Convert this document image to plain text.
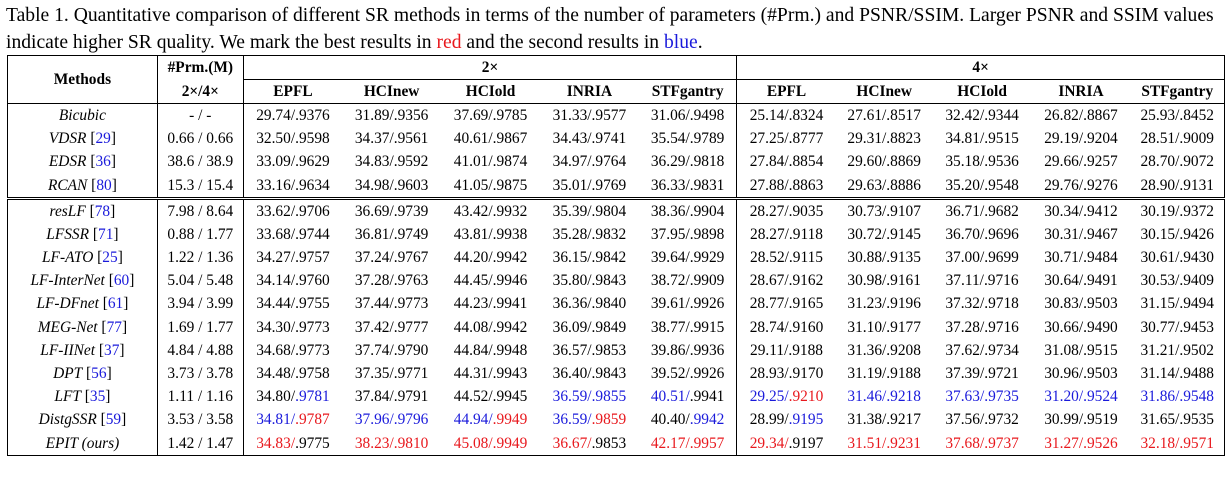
Table 1. Quantitative comparison of different SR methods in terms of the number of parameters (#Prm.) and PSNR/SSIM. Larger PSNR and SSIM values indicate higher SR quality. We mark the best results in red and the second results in blue.
Methods	#Prm.(M)	2×					4×				
	2×/4×	EPFL	HCInew	HCIold	INRIA	STFgantry	EPFL	HCInew	HCIold	INRIA	STFgantry
Bicubic	- / -	29.74/.9376	31.89/.9356	37.69/.9785	31.33/.9577	31.06/.9498	25.14/.8324	27.61/.8517	32.42/.9344	26.82/.8867	25.93/.8452
VDSR [29]	0.66 / 0.66	32.50/.9598	34.37/.9561	40.61/.9867	34.43/.9741	35.54/.9789	27.25/.8777	29.31/.8823	34.81/.9515	29.19/.9204	28.51/.9009
EDSR [36]	38.6 / 38.9	33.09/.9629	34.83/.9592	41.01/.9874	34.97/.9764	36.29/.9818	27.84/.8854	29.60/.8869	35.18/.9536	29.66/.9257	28.70/.9072
RCAN [80]	15.3 / 15.4	33.16/.9634	34.98/.9603	41.05/.9875	35.01/.9769	36.33/.9831	27.88/.8863	29.63/.8886	35.20/.9548	29.76/.9276	28.90/.9131
resLF [78]	7.98 / 8.64	33.62/.9706	36.69/.9739	43.42/.9932	35.39/.9804	38.36/.9904	28.27/.9035	30.73/.9107	36.71/.9682	30.34/.9412	30.19/.9372
LFSSR [71]	0.88 / 1.77	33.68/.9744	36.81/.9749	43.81/.9938	35.28/.9832	37.95/.9898	28.27/.9118	30.72/.9145	36.70/.9696	30.31/.9467	30.15/.9426
LF-ATO [25]	1.22 / 1.36	34.27/.9757	37.24/.9767	44.20/.9942	36.15/.9842	39.64/.9929	28.52/.9115	30.88/.9135	37.00/.9699	30.71/.9484	30.61/.9430
LF-InterNet [60]	5.04 / 5.48	34.14/.9760	37.28/.9763	44.45/.9946	35.80/.9843	38.72/.9909	28.67/.9162	30.98/.9161	37.11/.9716	30.64/.9491	30.53/.9409
LF-DFnet [61]	3.94 / 3.99	34.44/.9755	37.44/.9773	44.23/.9941	36.36/.9840	39.61/.9926	28.77/.9165	31.23/.9196	37.32/.9718	30.83/.9503	31.15/.9494
MEG-Net [77]	1.69 / 1.77	34.30/.9773	37.42/.9777	44.08/.9942	36.09/.9849	38.77/.9915	28.74/.9160	31.10/.9177	37.28/.9716	30.66/.9490	30.77/.9453
LF-IINet [37]	4.84 / 4.88	34.68/.9773	37.74/.9790	44.84/.9948	36.57/.9853	39.86/.9936	29.11/.9188	31.36/.9208	37.62/.9734	31.08/.9515	31.21/.9502
DPT [56]	3.73 / 3.78	34.48/.9758	37.35/.9771	44.31/.9943	36.40/.9843	39.52/.9926	28.93/.9170	31.19/.9188	37.39/.9721	30.96/.9503	31.14/.9488
LFT [35]	1.11 / 1.16	34.80/.9781	37.84/.9791	44.52/.9945	36.59/.9855	40.51/.9941	29.25/.9210	31.46/.9218	37.63/.9735	31.20/.9524	31.86/.9548
DistgSSR [59]	3.53 / 3.58	34.81/.9787	37.96/.9796	44.94/.9949	36.59/.9859	40.40/.9942	28.99/.9195	31.38/.9217	37.56/.9732	30.99/.9519	31.65/.9535
EPIT (ours)	1.42 / 1.47	34.83/.9775	38.23/.9810	45.08/.9949	36.67/.9853	42.17/.9957	29.34/.9197	31.51/.9231	37.68/.9737	31.27/.9526	32.18/.9571
